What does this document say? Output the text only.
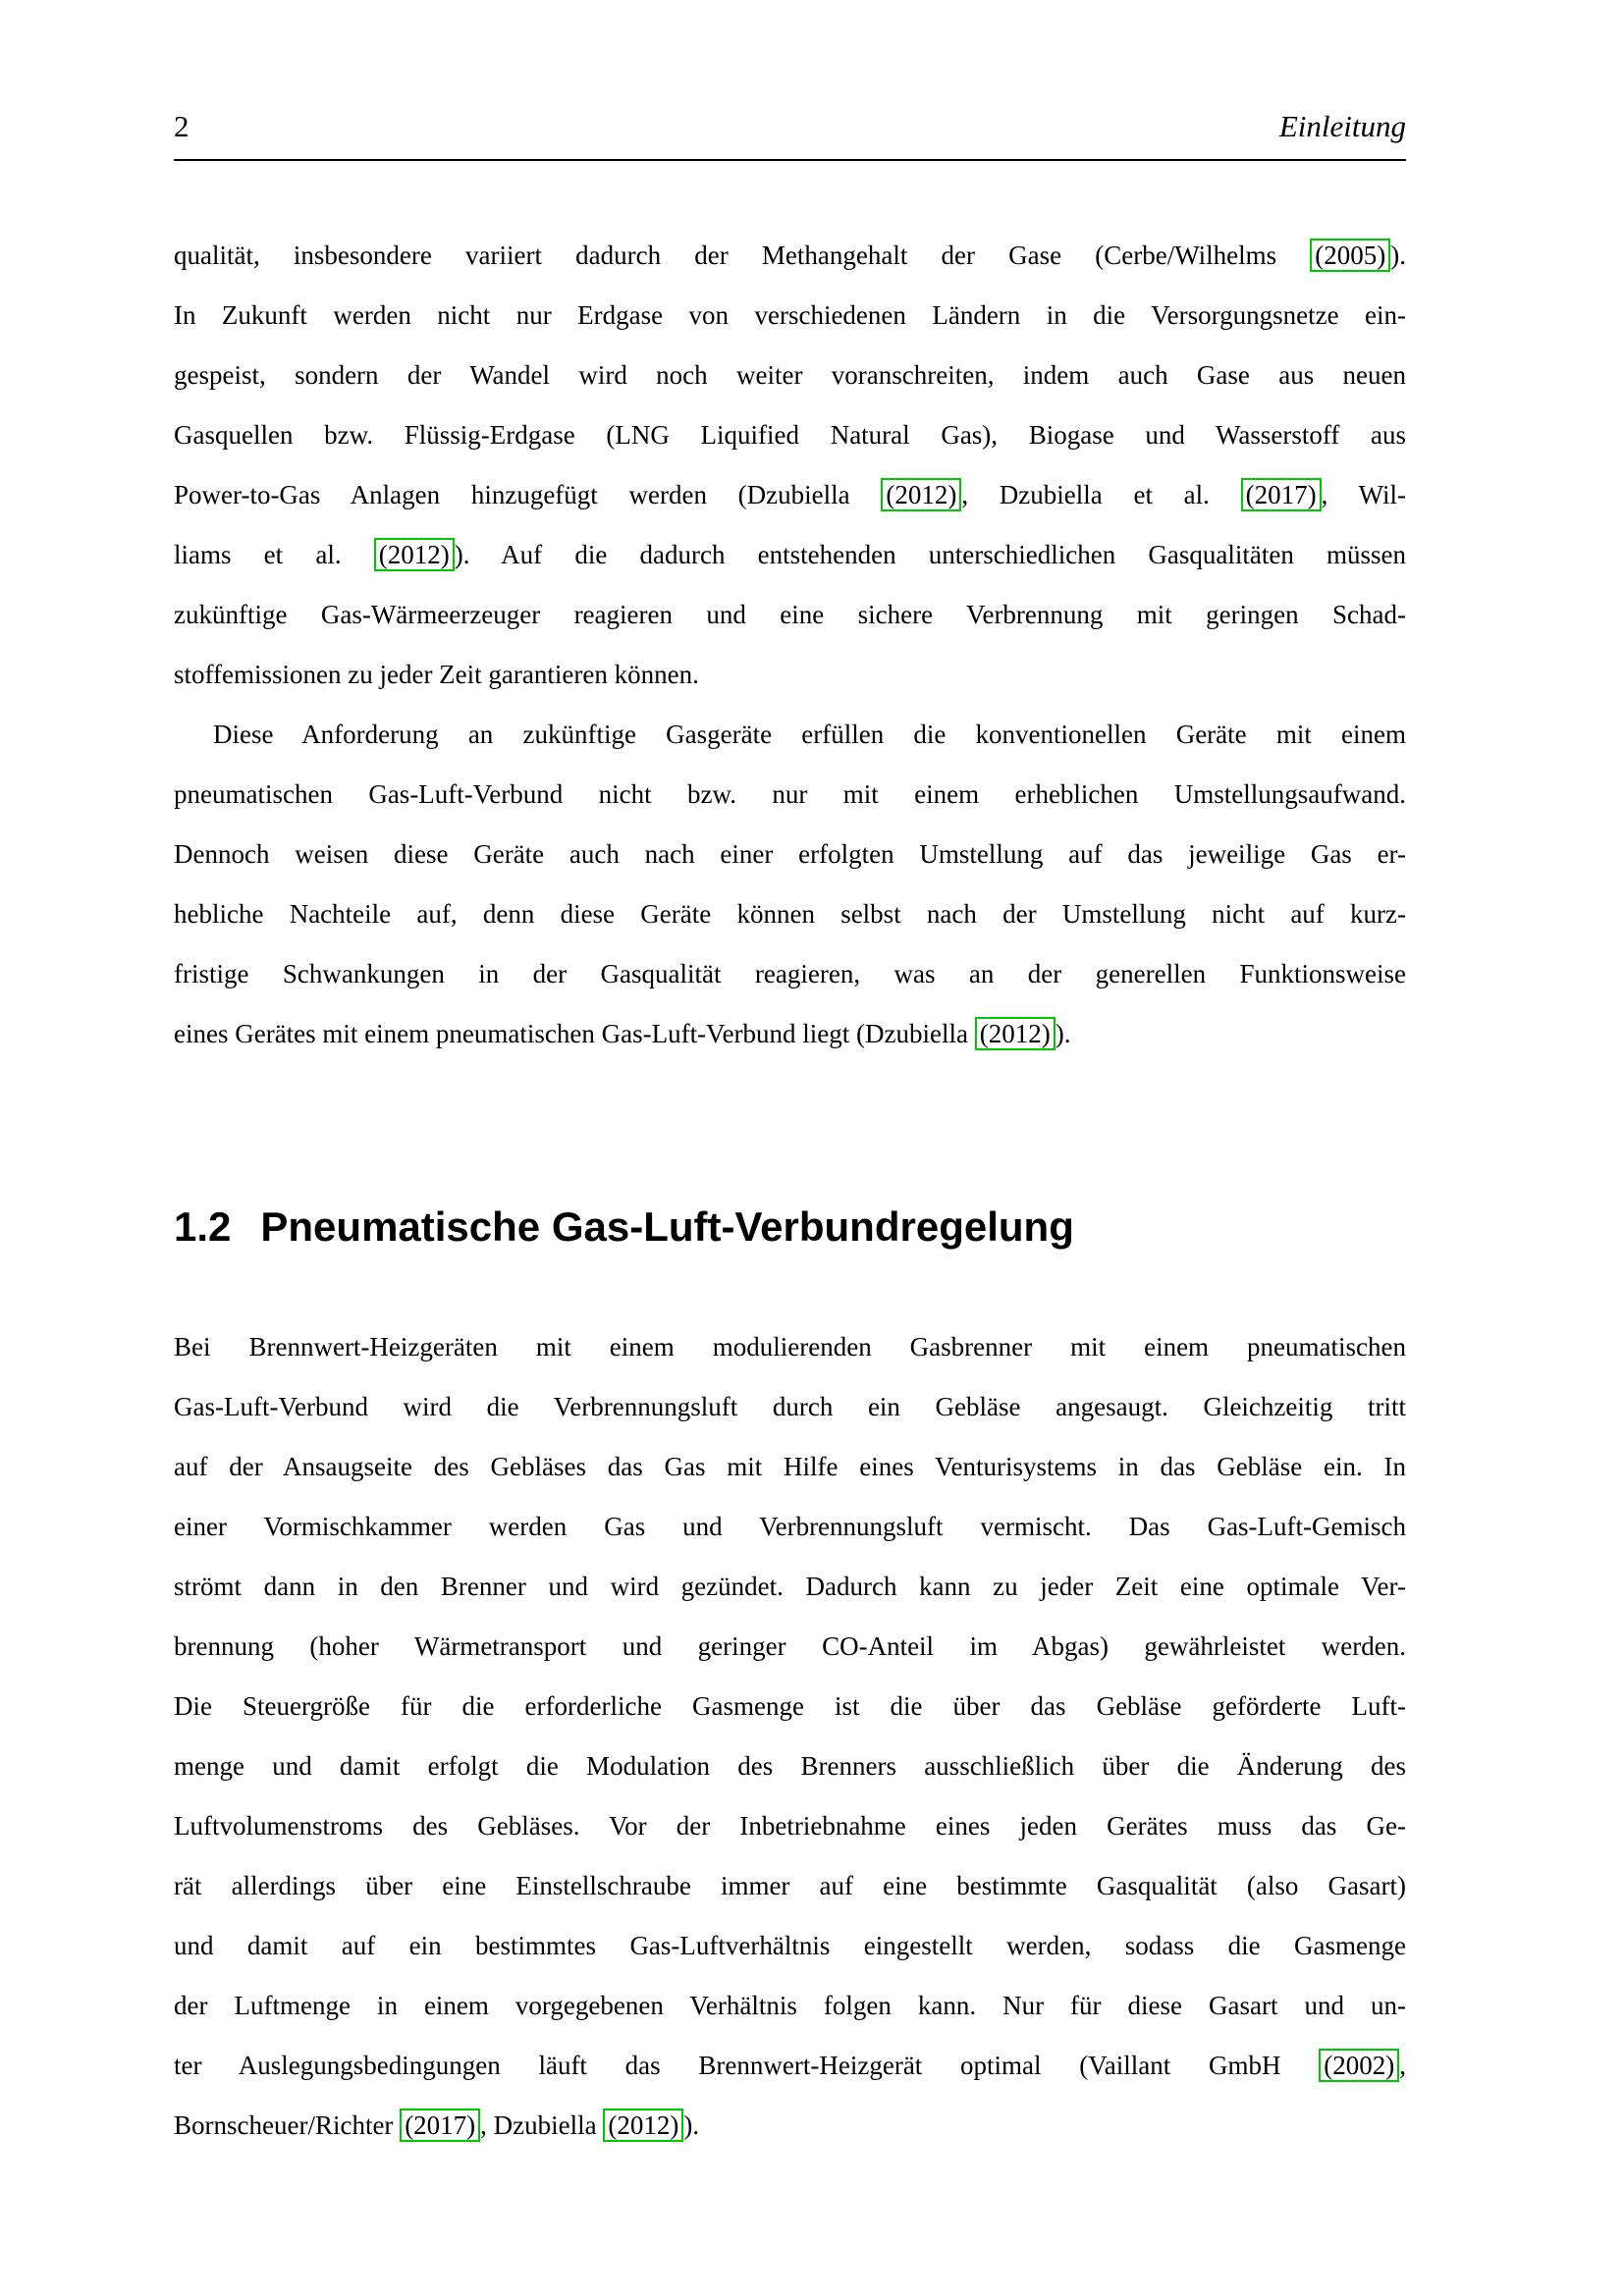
2	Einleitung
qualität, insbesondere variiert dadurch der Methangehalt der Gase (Cerbe/Wilhelms (2005) ).
In Zukunft werden nicht nur Erdgase von verschiedenen Ländern in die Versorgungsnetze ein-
gespeist, sondern der Wandel wird noch weiter voranschreiten, indem auch Gase aus neuen
Gasquellen bzw. Flüssig-Erdgase (LNG Liquified Natural Gas), Biogase und Wasserstoff aus
Power-to-Gas Anlagen hinzugefügt werden (Dzubiella (2012) , Dzubiella et al. (2017) , Wil-
liams et al. (2012) ). Auf die dadurch entstehenden unterschiedlichen Gasqualitäten müssen
zukünftige Gas-Wärmeerzeuger reagieren und eine sichere Verbrennung mit geringen Schad-
stoffemissionen zu jeder Zeit garantieren können.
Diese Anforderung an zukünftige Gasgeräte erfüllen die konventionellen Geräte mit einem
pneumatischen Gas-Luft-Verbund nicht bzw. nur mit einem erheblichen Umstellungsaufwand.
Dennoch weisen diese Geräte auch nach einer erfolgten Umstellung auf das jeweilige Gas er-
hebliche Nachteile auf, denn diese Geräte können selbst nach der Umstellung nicht auf kurz-
fristige Schwankungen in der Gasqualität reagieren, was an der generellen Funktionsweise
eines Gerätes mit einem pneumatischen Gas-Luft-Verbund liegt (Dzubiella (2012) ).
1.2 Pneumatische Gas-Luft-Verbundregelung
Bei Brennwert-Heizgeräten mit einem modulierenden Gasbrenner mit einem pneumatischen
Gas-Luft-Verbund wird die Verbrennungsluft durch ein Gebläse angesaugt. Gleichzeitig tritt
auf der Ansaugseite des Gebläses das Gas mit Hilfe eines Venturisystems in das Gebläse ein. In
einer Vormischkammer werden Gas und Verbrennungsluft vermischt. Das Gas-Luft-Gemisch
strömt dann in den Brenner und wird gezündet. Dadurch kann zu jeder Zeit eine optimale Ver-
brennung (hoher Wärmetransport und geringer CO-Anteil im Abgas) gewährleistet werden.
Die Steuergröße für die erforderliche Gasmenge ist die über das Gebläse geförderte Luft-
menge und damit erfolgt die Modulation des Brenners ausschließlich über die Änderung des
Luftvolumenstroms des Gebläses. Vor der Inbetriebnahme eines jeden Gerätes muss das Ge-
rät allerdings über eine Einstellschraube immer auf eine bestimmte Gasqualität (also Gasart)
und damit auf ein bestimmtes Gas-Luftverhältnis eingestellt werden, sodass die Gasmenge
der Luftmenge in einem vorgegebenen Verhältnis folgen kann. Nur für diese Gasart und un-
ter Auslegungsbedingungen läuft das Brennwert-Heizgerät optimal (Vaillant GmbH (2002) ,
Bornscheuer/Richter (2017) , Dzubiella (2012) ).
